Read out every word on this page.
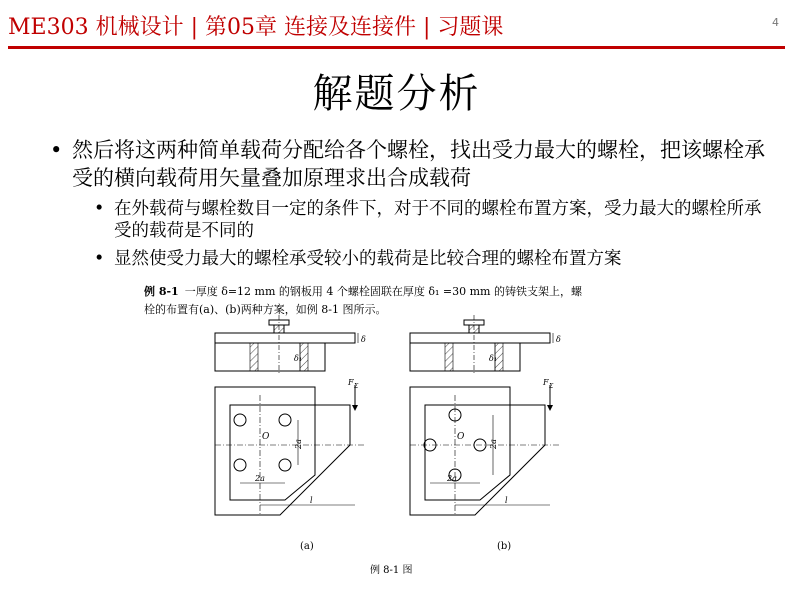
ME303 机械设计 | 第05章 连接及连接件 | 习题课	4
解题分析
• 然后将这两种简单载荷分配给各个螺栓，找出受力最大的螺栓，把该螺栓承受的横向载荷用矢量叠加原理求出合成载荷
• 在外载荷与螺栓数目一定的条件下，对于不同的螺栓布置方案，受力最大的螺栓所承受的载荷是不同的
• 显然使受力最大的螺栓承受较小的载荷是比较合理的螺栓布置方案
例 8-1 一厚度 δ=12 mm 的钢板用 4 个螺栓固联在厚度 δ₁ =30 mm 的铸铁支架上，螺
栓的布置有(a)、(b)两种方案，如例 8-1 图所示。
δ
δ₁
O
2a
F Σ
2a
l
δ
δ₁
O
2a
F Σ
2a
l
(a)	(b)
例 8-1 图
